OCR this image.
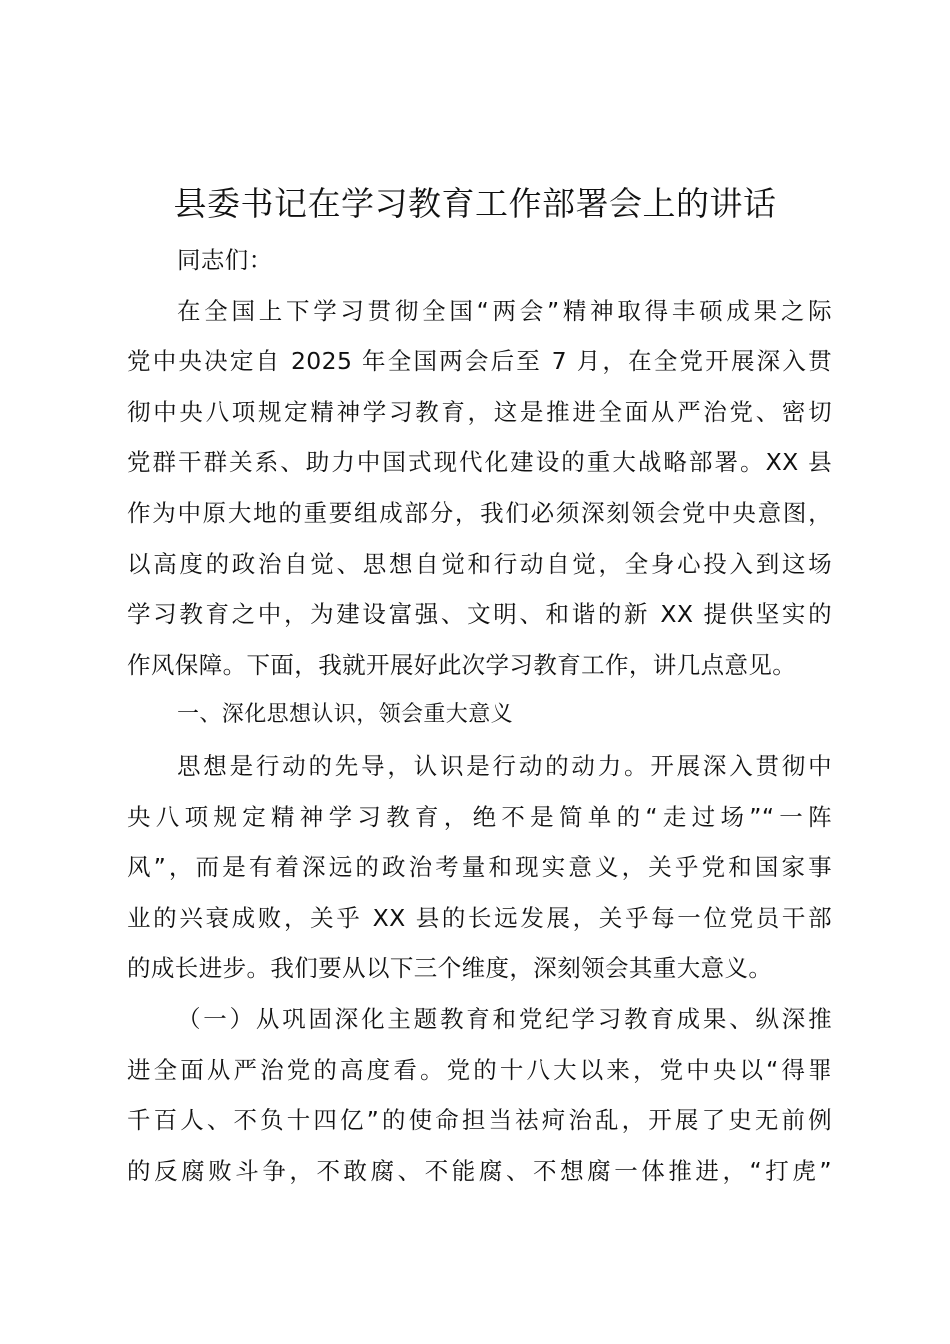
县委书记在学习教育工作部署会上的讲话
同志们：
在全国上下学习贯彻全国“两会”精神取得丰硕成果之际
党中央决定自 2025 年全国两会后至 7 月，在全党开展深入贯
彻中央八项规定精神学习教育，这是推进全面从严治党、密切
党群干群关系、助力中国式现代化建设的重大战略部署。XX 县
作为中原大地的重要组成部分，我们必须深刻领会党中央意图，
以高度的政治自觉、思想自觉和行动自觉，全身心投入到这场
学习教育之中，为建设富强、文明、和谐的新 XX 提供坚实的
作风保障。下面，我就开展好此次学习教育工作，讲几点意见。
一、深化思想认识，领会重大意义
思想是行动的先导，认识是行动的动力。开展深入贯彻中
央八项规定精神学习教育，绝不是简单的“走过场”“一阵
风”，而是有着深远的政治考量和现实意义，关乎党和国家事
业的兴衰成败，关乎 XX 县的长远发展，关乎每一位党员干部
的成长进步。我们要从以下三个维度，深刻领会其重大意义。
（一）从巩固深化主题教育和党纪学习教育成果、纵深推
进全面从严治党的高度看。党的十八大以来，党中央以“得罪
千百人、不负十四亿”的使命担当祛疴治乱，开展了史无前例
的反腐败斗争，不敢腐、不能腐、不想腐一体推进，“打虎”
